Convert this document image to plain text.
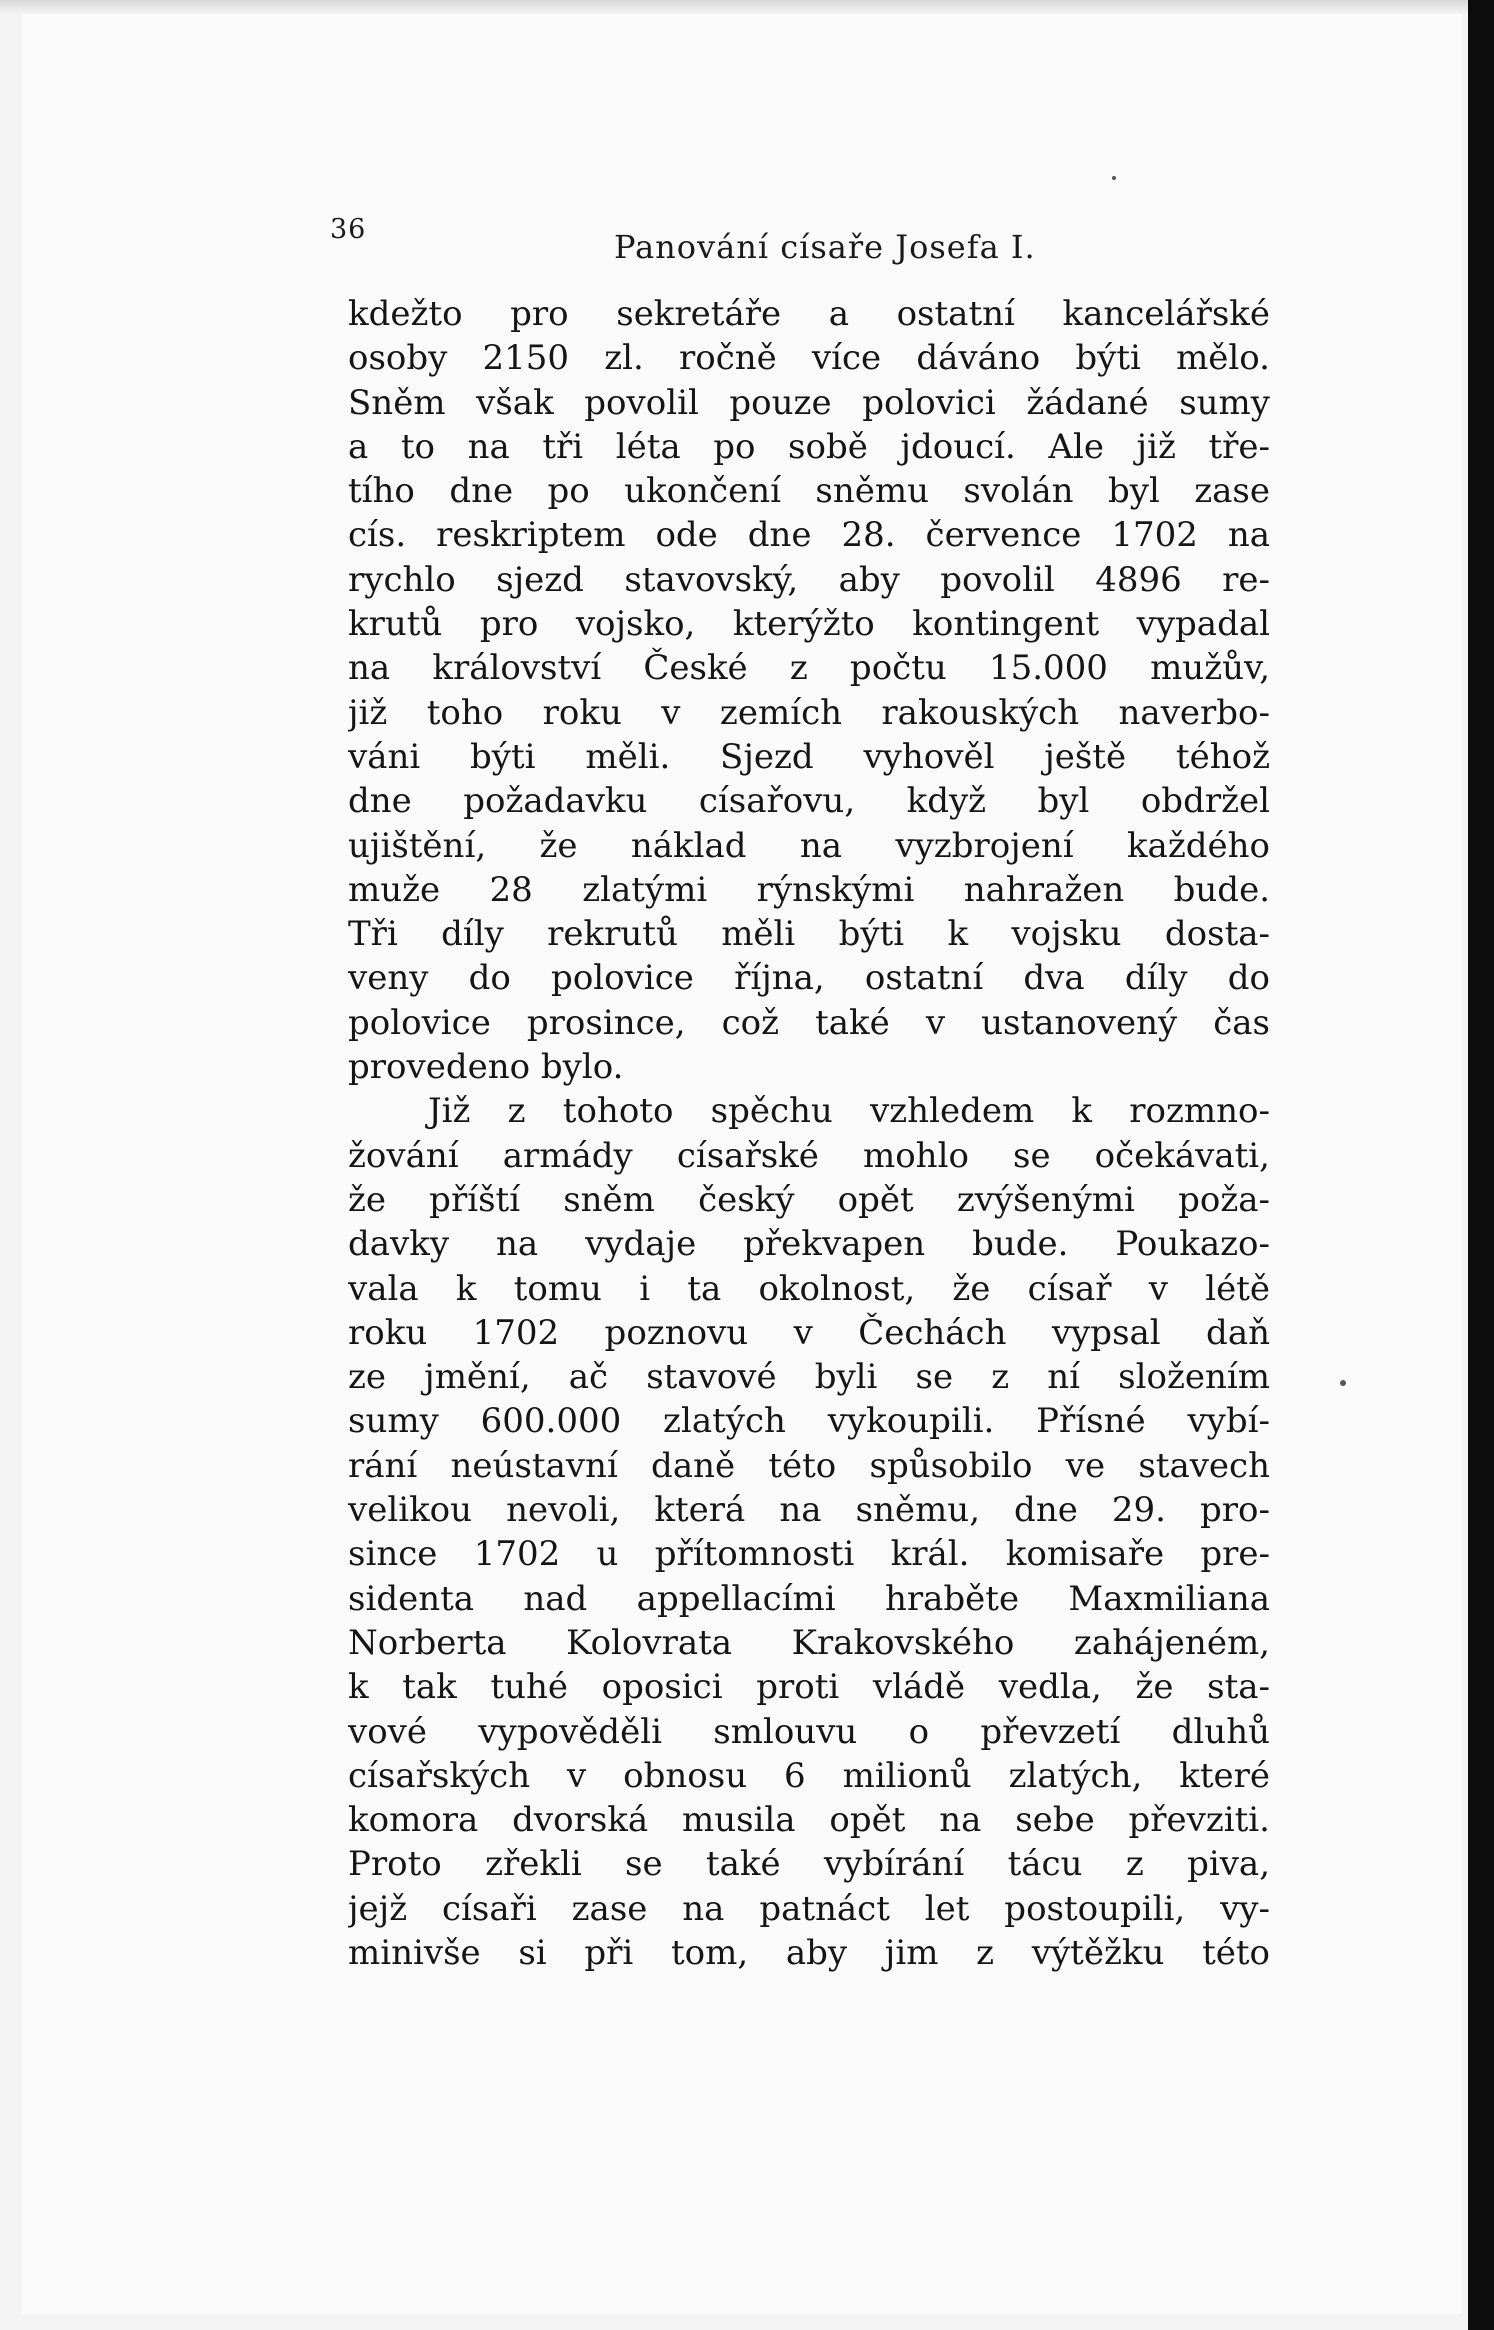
36	Panování císaře Josefa I.
kdežto pro sekretáře a ostatní kancelářské
osoby 2150 zl. ročně více dáváno býti mělo.
Sněm však povolil pouze polovici žádané sumy
a to na tři léta po sobě jdoucí. Ale již tře-
tího dne po ukončení sněmu svolán byl zase
cís. reskriptem ode dne 28. července 1702 na
rychlo sjezd stavovský, aby povolil 4896 re-
krutů pro vojsko, kterýžto kontingent vypadal
na království České z počtu 15.000 mužův,
již toho roku v zemích rakouských naverbo-
váni býti měli. Sjezd vyhověl ještě téhož
dne požadavku císařovu, když byl obdržel
ujištění, že náklad na vyzbrojení každého
muže 28 zlatými rýnskými nahražen bude.
Tři díly rekrutů měli býti k vojsku dosta-
veny do polovice října, ostatní dva díly do
polovice prosince, což také v ustanovený čas
provedeno bylo.
Již z tohoto spěchu vzhledem k rozmno-
žování armády císařské mohlo se očekávati,
že příští sněm český opět zvýšenými poža-
davky na vydaje překvapen bude. Poukazo-
vala k tomu i ta okolnost, že císař v létě
roku 1702 poznovu v Čechách vypsal daň
ze jmění, ač stavové byli se z ní složením
sumy 600.000 zlatých vykoupili. Přísné vybí-
rání neústavní daně této spůsobilo ve stavech
velikou nevoli, která na sněmu, dne 29. pro-
since 1702 u přítomnosti král. komisaře pre-
sidenta nad appellacími hraběte Maxmiliana
Norberta Kolovrata Krakovského zahájeném,
k tak tuhé oposici proti vládě vedla, že sta-
vové vypověděli smlouvu o převzetí dluhů
císařských v obnosu 6 milionů zlatých, které
komora dvorská musila opět na sebe převziti.
Proto zřekli se také vybírání tácu z piva,
jejž císaři zase na patnáct let postoupili, vy-
minivše si při tom, aby jim z výtěžku této
